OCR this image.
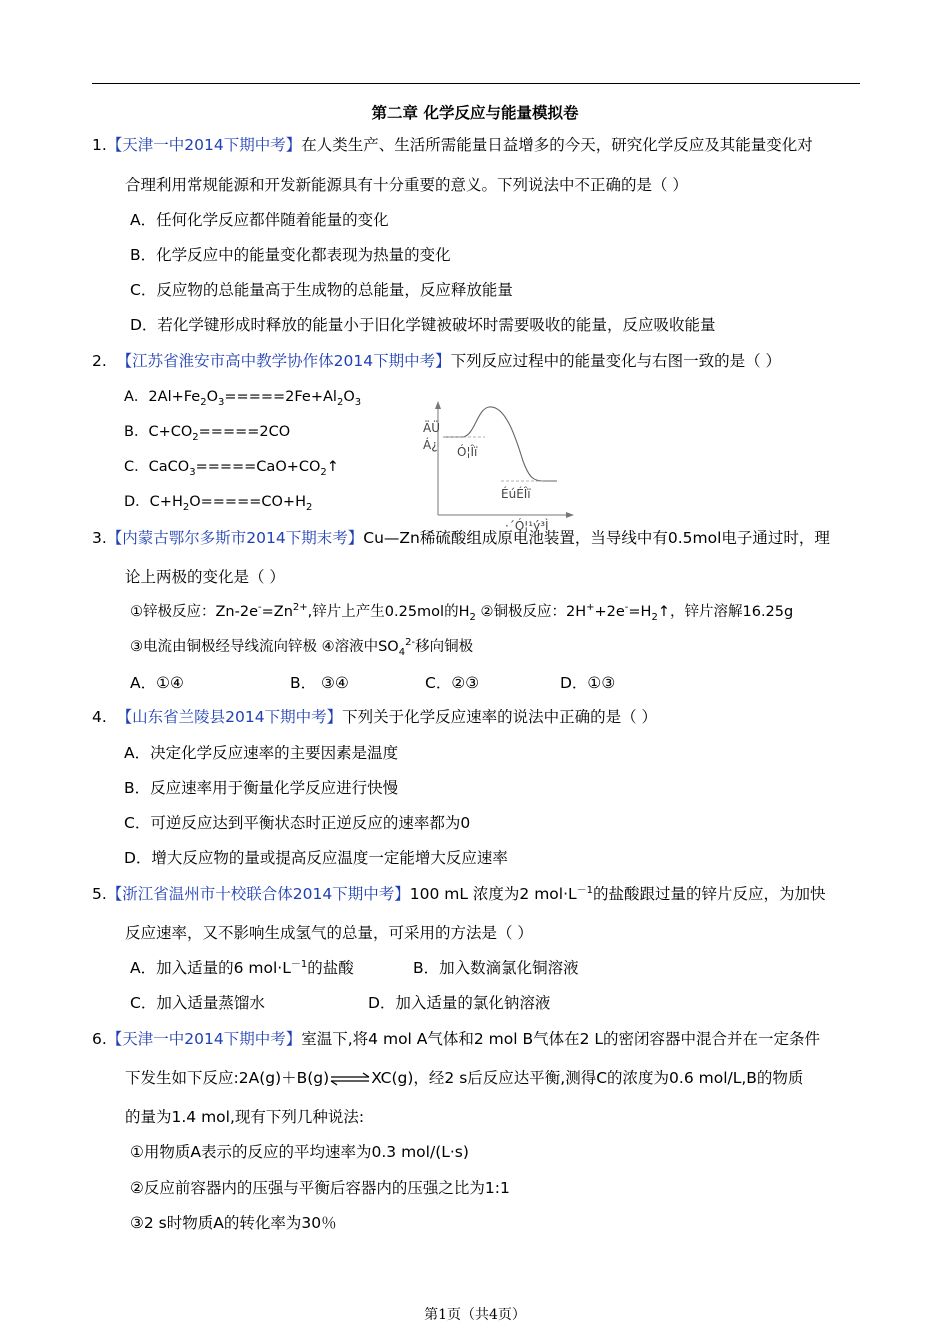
第二章 化学反应与能量模拟卷
1.【天津一中2014下期中考】在人类生产、生活所需能量日益增多的今天，研究化学反应及其能量变化对
合理利用常规能源和开发新能源具有十分重要的意义。下列说法中不正确的是（ ）
A．任何化学反应都伴随着能量的变化
B．化学反应中的能量变化都表现为热量的变化
C．反应物的总能量高于生成物的总能量，反应释放能量
D．若化学键形成时释放的能量小于旧化学键被破坏时需要吸收的能量，反应吸收能量
2. 【江苏省淮安市高中教学协作体2014下期中考】下列反应过程中的能量变化与右图一致的是（ ）
A．$2Al+Fe_2O_3=====2Fe+Al_2O_3$
B．$C+CO_2=====2CO$
C．$CaCO_3=====CaO+CO_2↑$
D．$C+H_2O=====CO+H_2$
ÄÜ
Á¿ Ó¦Îï
ÉúÉÎï
·´Ó¦¹ý³Ì
3.【内蒙古鄂尔多斯市2014下期末考】Cu—Zn稀硫酸组成原电池装置，当导线中有0.5mol电子通过时，理
论上两极的变化是（ ）
①锌极反应：$Zn-2e^-=Zn^{2+}$,锌片上产生0.25mol的$H_2$ ②铜极反应：$2H^++2e^-=H_2↑$，锌片溶解16.25g
③电流由铜极经导线流向锌极 ④溶液中$SO_4^{2-}$移向铜极
A．①④	B． ③④	C．②③	D．①③
4. 【山东省兰陵县2014下期中考】下列关于化学反应速率的说法中正确的是（ ）
A．决定化学反应速率的主要因素是温度
B．反应速率用于衡量化学反应进行快慢
C．可逆反应达到平衡状态时正逆反应的速率都为0
D．增大反应物的量或提高反应温度一定能增大反应速率
5.【浙江省温州市十校联合体2014下期中考】100 mL 浓度为2 $mol\cdot L^{-1}$的盐酸跟过量的锌片反应，为加快
反应速率，又不影响生成氢气的总量，可采用的方法是（ ）
A．加入适量的6 $mol\cdot L^{-1}$的盐酸	B．加入数滴氯化铜溶液
C．加入适量蒸馏水	D．加入适量的氯化钠溶液
6.【天津一中2014下期中考】室温下,将4 mol A气体和2 mol B气体在2 L的密闭容器中混合并在一定条件
下发生如下反应:2A(g)＋B(g)⇌XC(g)，经2 s后反应达平衡,测得C的浓度为0.6 mol/L,B的物质
的量为1.4 mol,现有下列几种说法:
①用物质A表示的反应的平均速率为0.3 mol/(L·s)
②反应前容器内的压强与平衡后容器内的压强之比为1:1
③2 s时物质A的转化率为30％
第1页（共4页）
